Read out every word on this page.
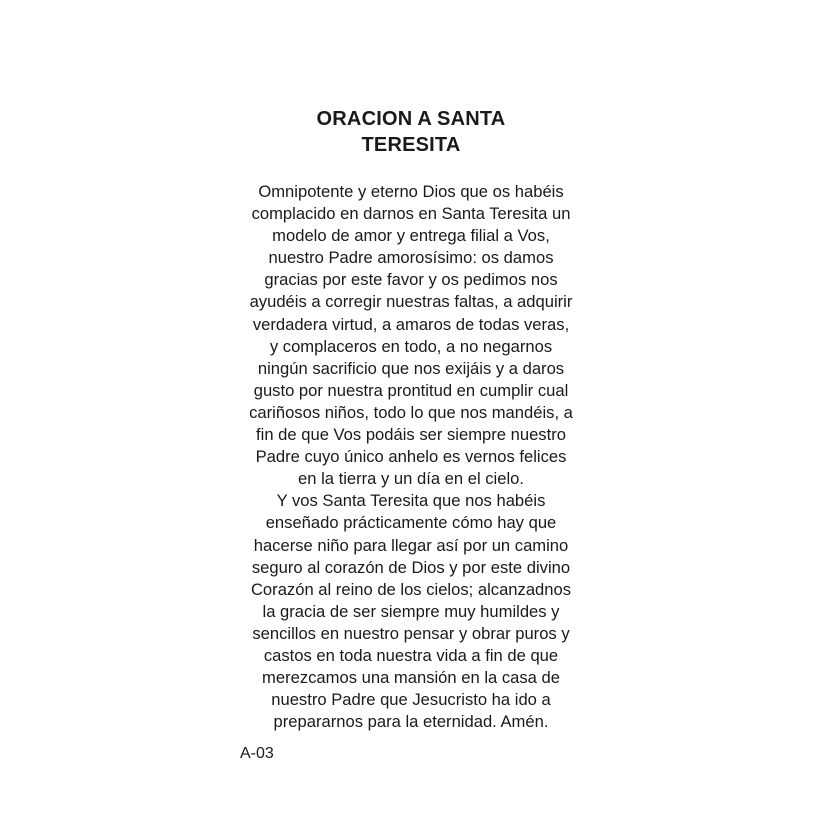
ORACION A SANTA
TERESITA
Omnipotente y eterno Dios que os habéis
complacido en darnos en Santa Teresita un
modelo de amor y entrega filial a Vos,
nuestro Padre amorosísimo: os damos
gracias por este favor y os pedimos nos
ayudéis a corregir nuestras faltas, a adquirir
verdadera virtud, a amaros de todas veras,
y complaceros en todo, a no negarnos
ningún sacrificio que nos exijáis y a daros
gusto por nuestra prontitud en cumplir cual
cariñosos niños, todo lo que nos mandéis, a
fin de que Vos podáis ser siempre nuestro
Padre cuyo único anhelo es vernos felices
en la tierra y un día en el cielo.
Y vos Santa Teresita que nos habéis
enseñado prácticamente cómo hay que
hacerse niño para llegar así por un camino
seguro al corazón de Dios y por este divino
Corazón al reino de los cielos; alcanzadnos
la gracia de ser siempre muy humildes y
sencillos en nuestro pensar y obrar puros y
castos en toda nuestra vida a fin de que
merezcamos una mansión en la casa de
nuestro Padre que Jesucristo ha ido a
prepararnos para la eternidad. Amén.
A-03
